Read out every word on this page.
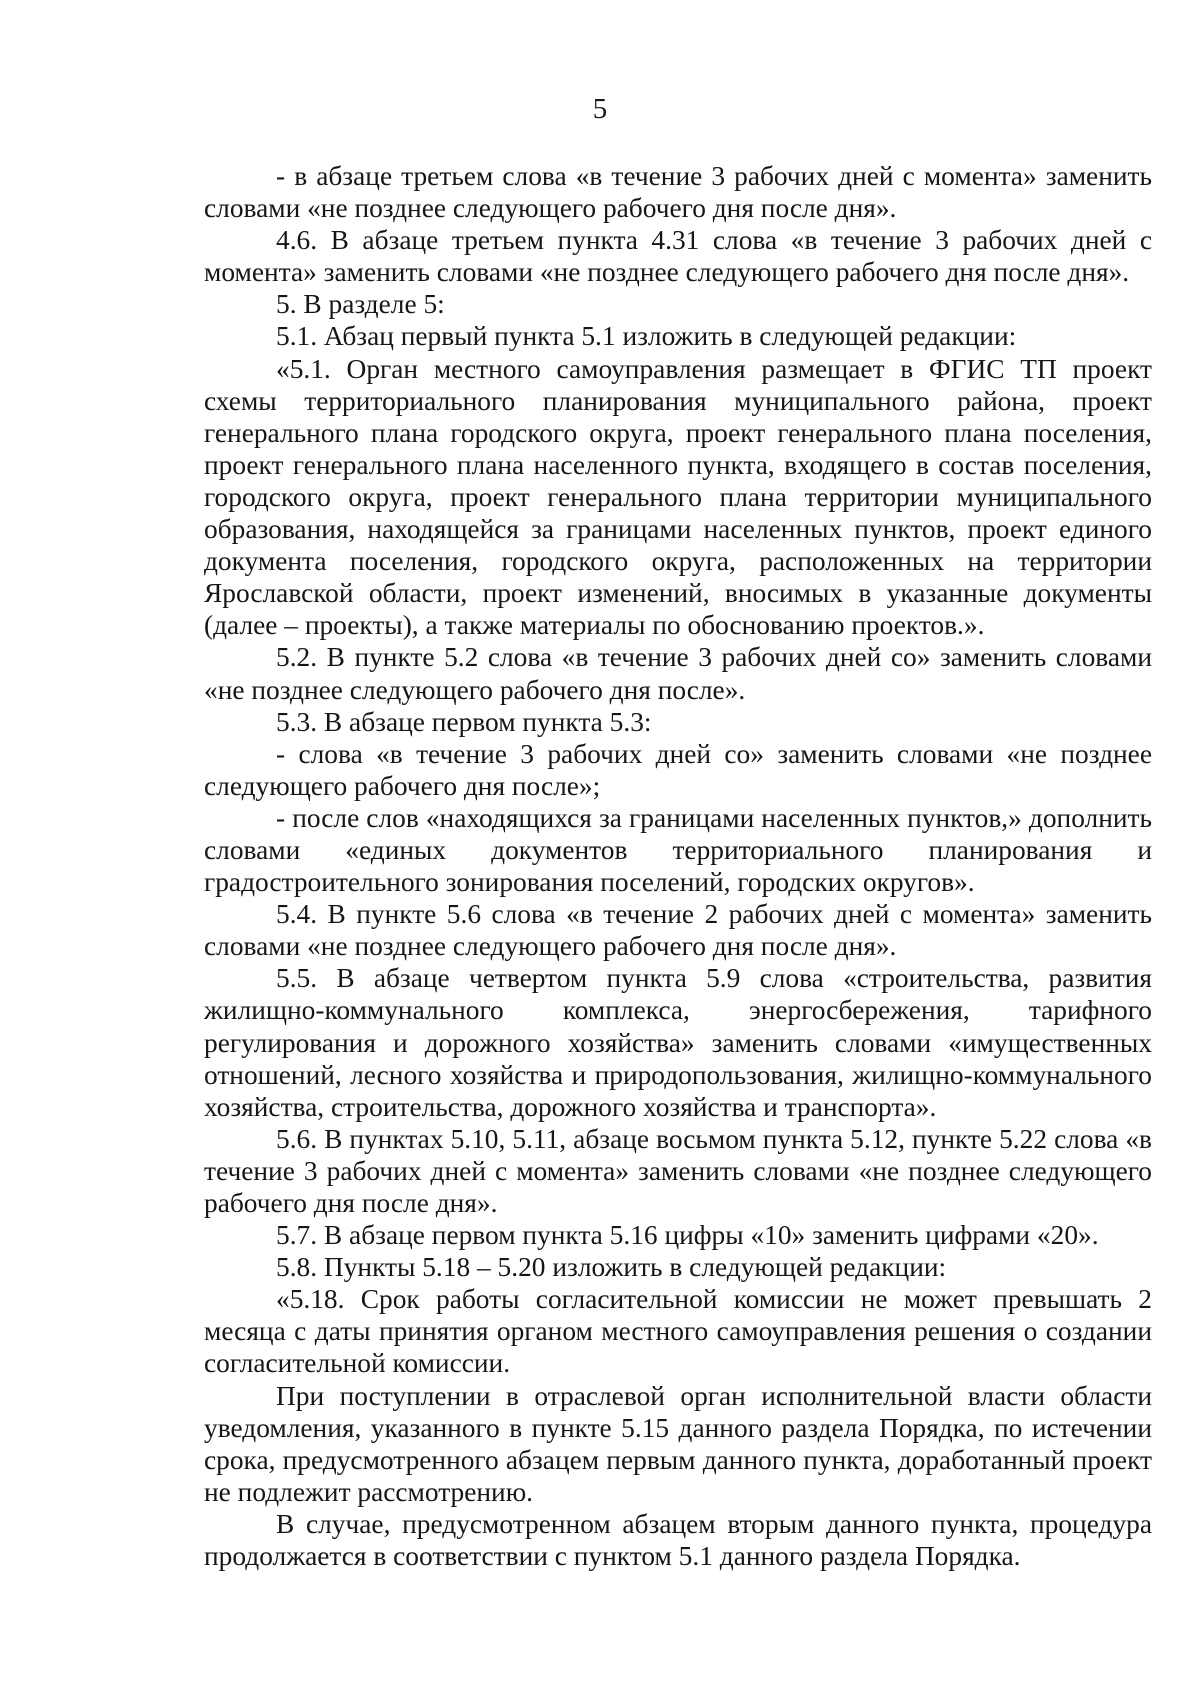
5

- в абзаце третьем слова «в течение 3 рабочих дней с момента» заменить словами «не позднее следующего рабочего дня после дня».

4.6. В абзаце третьем пункта 4.31 слова «в течение 3 рабочих дней с момента» заменить словами «не позднее следующего рабочего дня после дня».

5. В разделе 5:

5.1. Абзац первый пункта 5.1 изложить в следующей редакции:

«5.1. Орган местного самоуправления размещает в ФГИС ТП проект схемы территориального планирования муниципального района, проект генерального плана городского округа, проект генерального плана поселения, проект генерального плана населенного пункта, входящего в состав поселения, городского округа, проект генерального плана территории муниципального образования, находящейся за границами населенных пунктов, проект единого документа поселения, городского округа, расположенных на территории Ярославской области, проект изменений, вносимых в указанные документы (далее – проекты), а также материалы по обоснованию проектов.».

5.2. В пункте 5.2 слова «в течение 3 рабочих дней со» заменить словами «не позднее следующего рабочего дня после».

5.3. В абзаце первом пункта 5.3:

- слова «в течение 3 рабочих дней со» заменить словами «не позднее следующего рабочего дня после»;

- после слов «находящихся за границами населенных пунктов,» дополнить словами «единых документов территориального планирования и градостроительного зонирования поселений, городских округов».

5.4. В пункте 5.6 слова «в течение 2 рабочих дней с момента» заменить словами «не позднее следующего рабочего дня после дня».

5.5. В абзаце четвертом пункта 5.9 слова «строительства, развития жилищно-коммунального комплекса, энергосбережения, тарифного регулирования и дорожного хозяйства» заменить словами «имущественных отношений, лесного хозяйства и природопользования, жилищно-коммунального хозяйства, строительства, дорожного хозяйства и транспорта».

5.6. В пунктах 5.10, 5.11, абзаце восьмом пункта 5.12, пункте 5.22 слова «в течение 3 рабочих дней с момента» заменить словами «не позднее следующего рабочего дня после дня».

5.7. В абзаце первом пункта 5.16 цифры «10» заменить цифрами «20».

5.8. Пункты 5.18 – 5.20 изложить в следующей редакции:

«5.18. Срок работы согласительной комиссии не может превышать 2 месяца с даты принятия органом местного самоуправления решения о создании согласительной комиссии.

При поступлении в отраслевой орган исполнительной власти области уведомления, указанного в пункте 5.15 данного раздела Порядка, по истечении срока, предусмотренного абзацем первым данного пункта, доработанный проект не подлежит рассмотрению.

В случае, предусмотренном абзацем вторым данного пункта, процедура продолжается в соответствии с пунктом 5.1 данного раздела Порядка.
